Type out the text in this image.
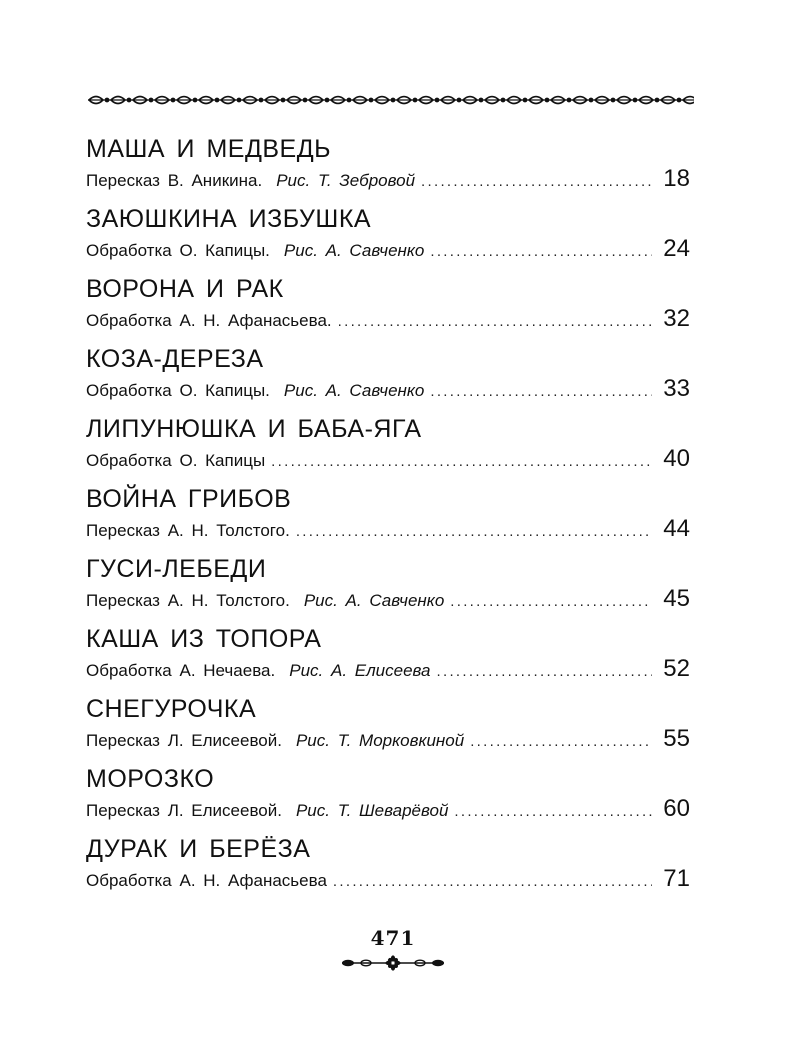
МАША И МЕДВЕДЬ
Пересказ В. Аникина. Рис. Т. Зебровой .....	18
ЗАЮШКИНА ИЗБУШКА
Обработка О. Капицы. Рис. А. Савченко .....	24
ВОРОНА И РАК
Обработка А. Н. Афанасьева. .....	32
КОЗА-ДЕРЕЗА
Обработка О. Капицы. Рис. А. Савченко .....	33
ЛИПУНЮШКА И БАБА-ЯГА
Обработка О. Капицы .....	40
ВОЙНА ГРИБОВ
Пересказ А. Н. Толстого. .....	44
ГУСИ-ЛЕБЕДИ
Пересказ А. Н. Толстого. Рис. А. Савченко .....	45
КАША ИЗ ТОПОРА
Обработка А. Нечаева. Рис. А. Елисеева .....	52
СНЕГУРОЧКА
Пересказ Л. Елисеевой. Рис. Т. Морковкиной .....	55
МОРОЗКО
Пересказ Л. Елисеевой. Рис. Т. Шеварёвой .....	60
ДУРАК И БЕРЁЗА
Обработка А. Н. Афанасьева .....	71
471
